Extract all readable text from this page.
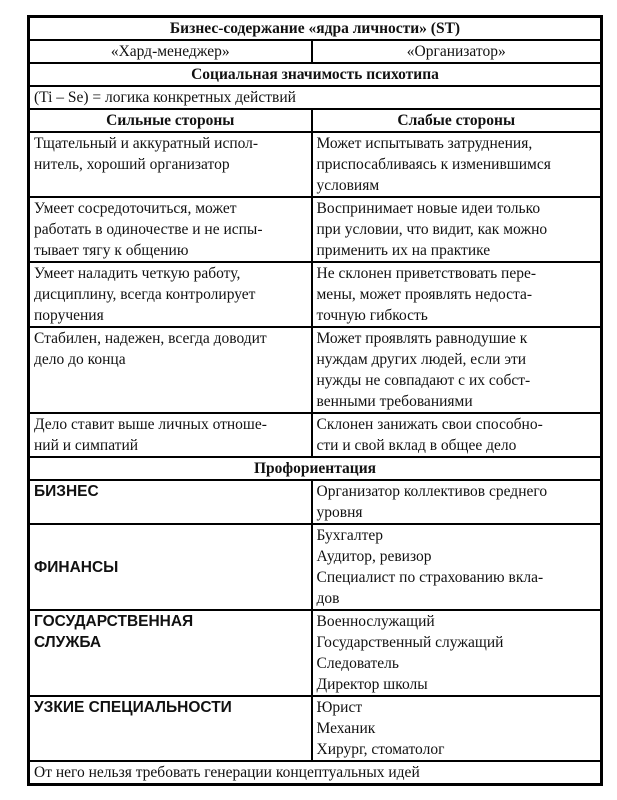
Бизнес-содержание «ядра личности» (ST)	
«Хард-менеджер»	«Организатор»
Социальная значимость психотипа	
(Ti – Se) = логика конкретных действий	
Сильные стороны	Слабые стороны

Тщательный и аккуратный испол-
нитель, хороший организатор	Может испытывать затруднения,
приспосабливаясь к изменившимся
условиям

Умеет сосредоточиться, может
работать в одиночестве и не испы-
тывает тягу к общению	Воспринимает новые идеи только
при условии, что видит, как можно
применить их на практике

Умеет наладить четкую работу,
дисциплину, всегда контролирует
поручения	Не склонен приветствовать пере-
мены, может проявлять недоста-
точную гибкость

Стабилен, надежен, всегда доводит
дело до конца	Может проявлять равнодушие к
нуждам других людей, если эти
нужды не совпадают с их собст-
венными требованиями

Дело ставит выше личных отноше-
ний и симпатий	Склонен занижать свои способно-
сти и свой вклад в общее дело

Профориентация	

БИЗНЕС	Организатор коллективов среднего
уровня

ФИНАНСЫ	Бухгалтер
Аудитор, ревизор
Специалист по страхованию вкла-
дов

ГОСУДАРСТВЕННАЯ
СЛУЖБА	Военнослужащий
Государственный служащий
Следователь
Директор школы

УЗКИЕ СПЕЦИАЛЬНОСТИ	Юрист
Механик
Хирург, стоматолог

От него нельзя требовать генерации концептуальных идей	
